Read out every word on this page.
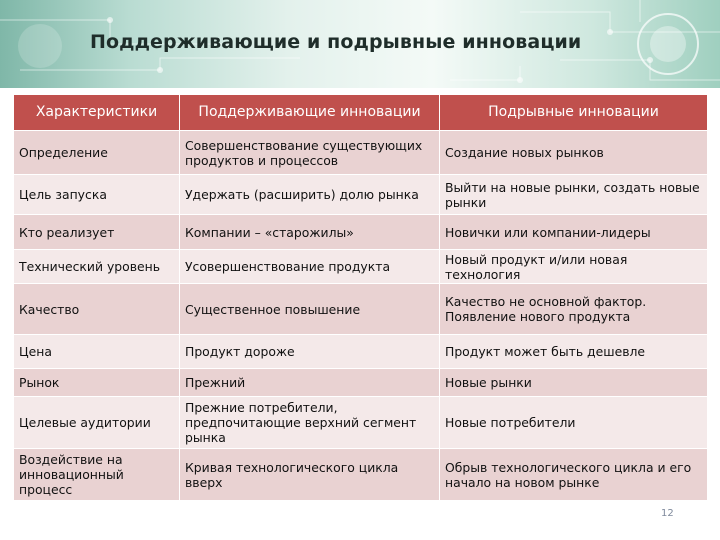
Поддерживающие и подрывные инновации
Характеристики	Поддерживающие инновации	Подрывные инновации
Определение	Совершенствование существующих продуктов и процессов	Создание новых рынков
Цель запуска	Удержать (расширить) долю рынка	Выйти на новые рынки, создать новые рынки
Кто реализует	Компании – «старожилы»	Новички или компании-лидеры
Технический уровень	Усовершенствование продукта	Новый продукт и/или новая технология
Качество	Существенное повышение	Качество не основной фактор. Появление нового продукта
Цена	Продукт дороже	Продукт может быть дешевле
Рынок	Прежний	Новые рынки
Целевые аудитории	Прежние потребители, предпочитающие верхний сегмент рынка	Новые потребители
Воздействие на инновационный процесс	Кривая технологического цикла вверх	Обрыв технологического цикла и его начало на новом рынке
12
